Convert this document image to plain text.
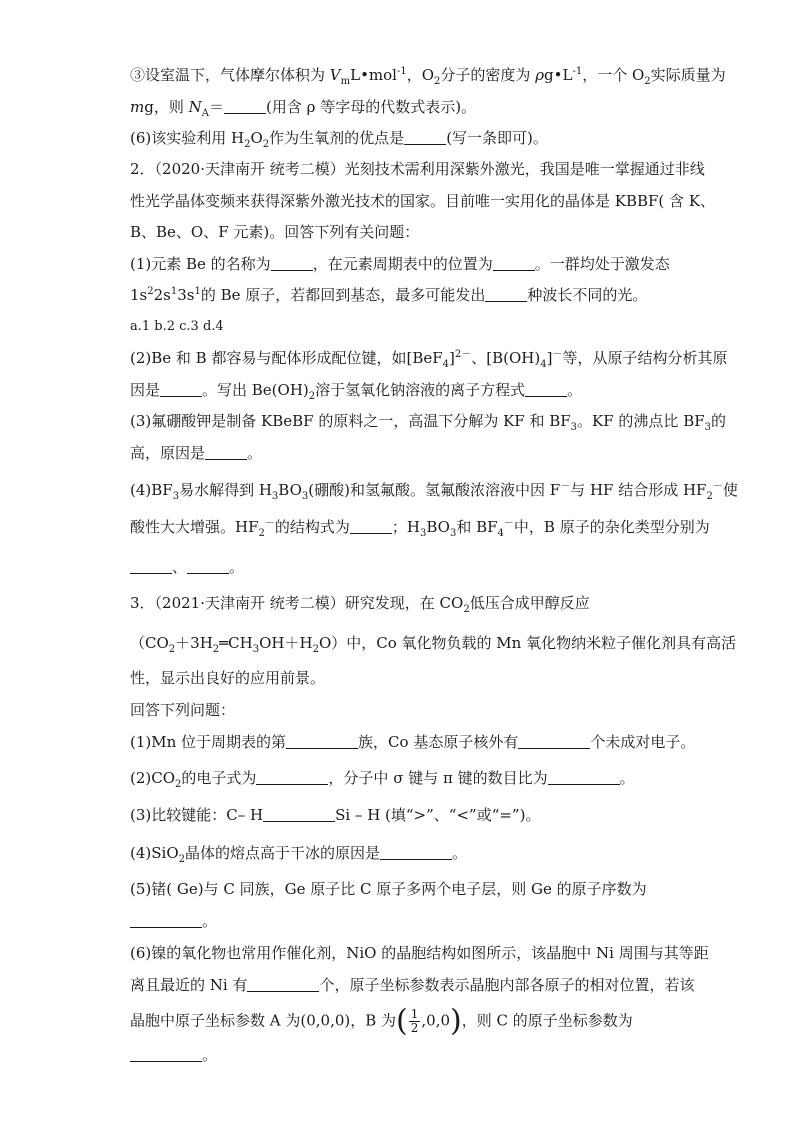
③设室温下，气体摩尔体积为 $V_mL•mol^{-1}$，$O_2$分子的密度为 $\rho g•L^{-1}$，一个 $O_2$实际质量为
mg，则 $N_A=$	(用含 ρ 等字母的代数式表示)。
(6)该实验利用 $H_2O_2$作为生氧剂的优点是	(写一条即可)。
2．（2020·天津南开 统考二模）光刻技术需利用深紫外激光，我国是唯一掌握通过非线
性光学晶体变频来获得深紫外激光技术的国家。目前唯一实用化的晶体是 KBBF( 含 K、
B、Be、O、F 元素)。回答下列有关问题：
(1)元素 Be 的名称为	，在元素周期表中的位置为	。一群均处于激发态
$1s^22s^13s^1$的 Be 原子，若都回到基态，最多可能发出	种波长不同的光。
a.1 b.2 c.3 d.4
(2)Be 和 B 都容易与配体形成配位键，如$[BeF_4]^{2-}$、$[B(OH)_4]^-$等，从原子结构分析其原
因是	。写出 $Be(OH)_2$溶于氢氧化钠溶液的离子方程式	。
(3)氟硼酸钾是制备 KBeBF 的原料之一，高温下分解为 KF 和 $BF_3$。KF 的沸点比 $BF_3$的
高，原因是	。
$(4)BF_3$易水解得到 $H_3BO_3$(硼酸)和氢氟酸。氢氟酸浓溶液中因 F－与 HF 结合形成 $HF_2^-$使
酸性大大增强。$HF_2^-$的结构式为	；$H_3BO_3$和 $BF_4^-$中，B 原子的杂化类型分别为
、	。
3．（2021·天津南开 统考二模）研究发现，在 $CO_2$低压合成甲醇反应
$(CO_2+3H_2═CH_3OH+H_2O)$中，Co 氧化物负载的 Mn 氧化物纳米粒子催化剂具有高活
性，显示出良好的应用前景。
回答下列问题：
(1)Mn 位于周期表的第	族，Co 基态原子核外有	个未成对电子。
$(2)CO_2$的电子式为	，分子中 σ 键与 π 键的数目比为	。
(3)比较键能：C– H	Si – H (填“>”、“<”或“=”)。
(4)SiO$_2$晶体的熔点高于干冰的原因是	。
(5)锗( Ge)与 C 同族，Ge 原子比 C 原子多两个电子层，则 Ge 的原子序数为
。
(6)镍的氧化物也常用作催化剂，NiO 的晶胞结构如图所示，该晶胞中 Ni 周围与其等距
离且最近的 Ni 有	个，原子坐标参数表示晶胞内部各原子的相对位置，若该
晶胞中原子坐标参数 A 为(0,0,0)，B 为( $\frac{1}{2} ,0,0$)，则 C 的原子坐标参数为
。
